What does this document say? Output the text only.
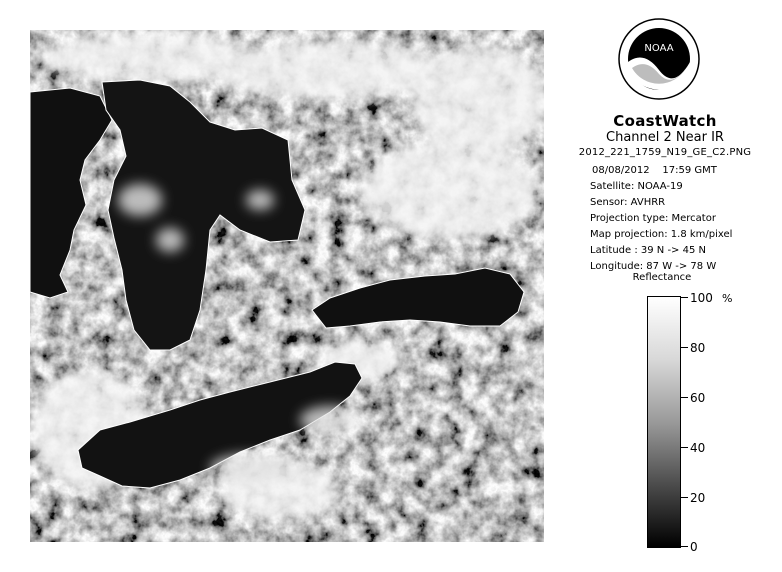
NOAA
CoastWatch
Channel 2 Near IR
2012_221_1759_N19_GE_C2.PNG
08/08/2012 17:59 GMT
Satellite: NOAA-19
Sensor: AVHRR
Projection type: Mercator
Map projection: 1.8 km/pixel
Latitude : 39 N -> 45 N
Longitude: 87 W -> 78 W
Reflectance
%
100
80
60
40
20
0
